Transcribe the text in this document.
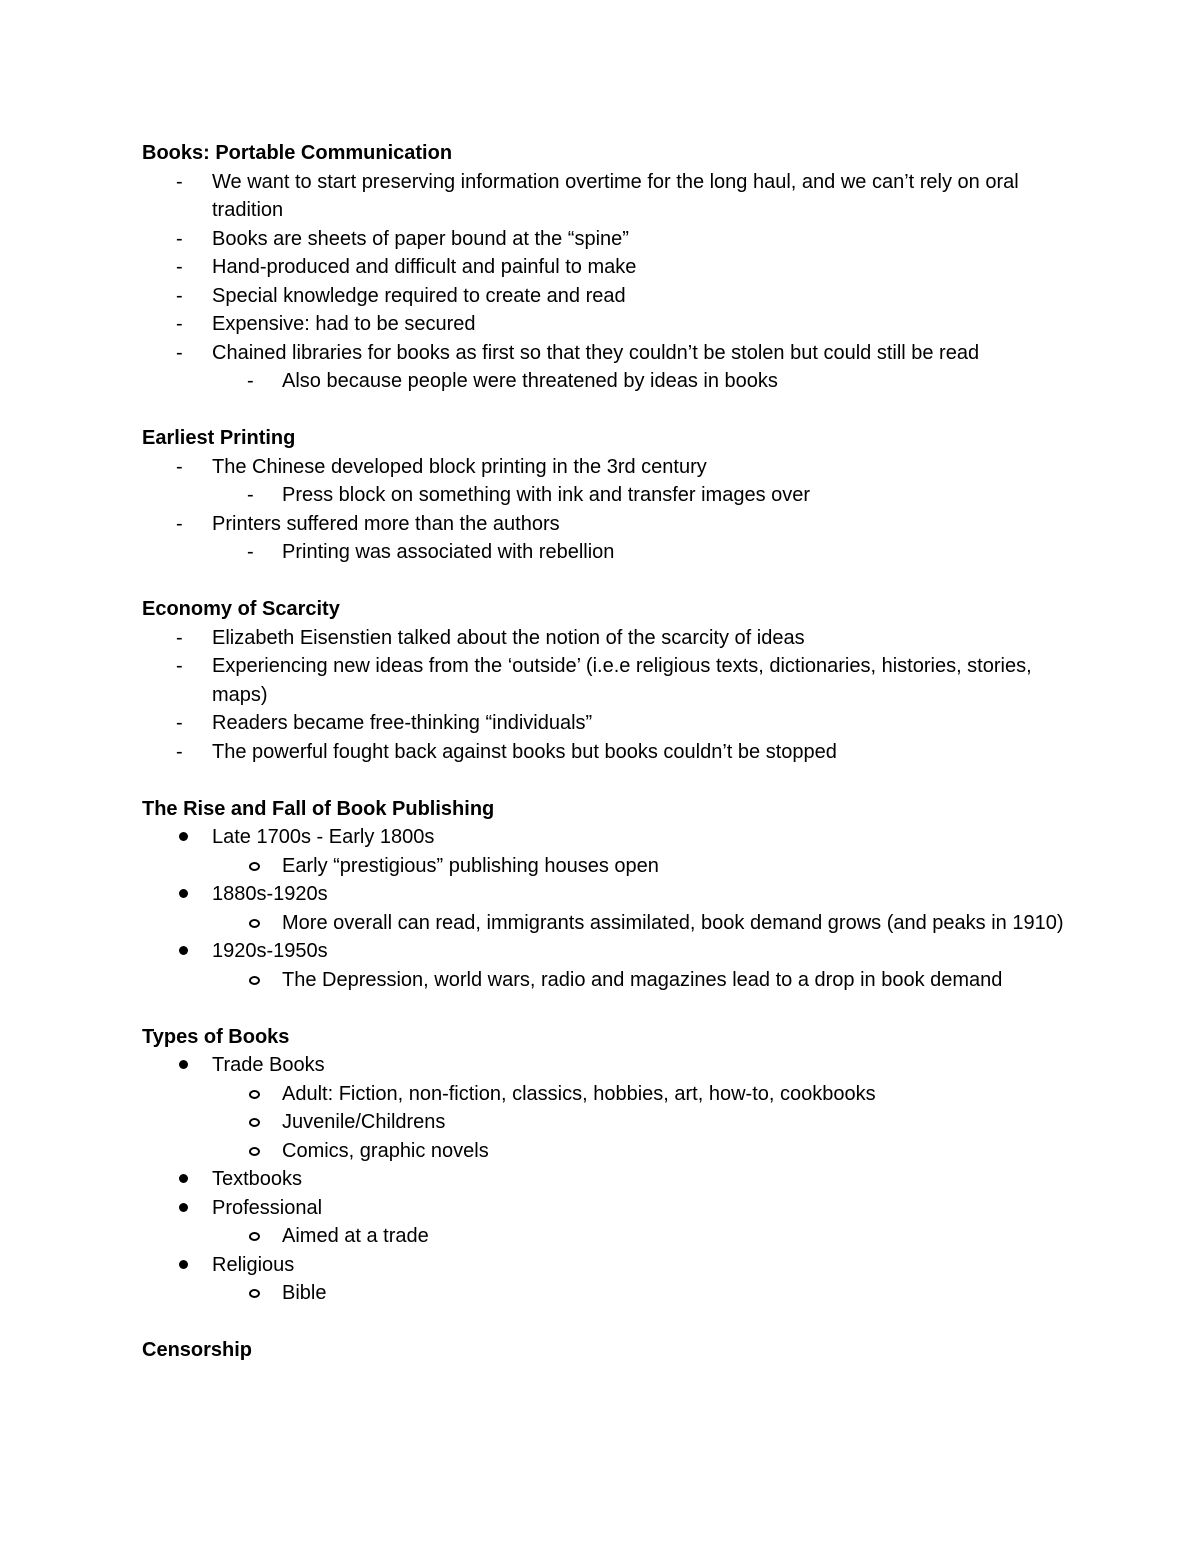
Books: Portable Communication
-	We want to start preserving information overtime for the long haul, and we can’t rely on oral tradition
-	Books are sheets of paper bound at the “spine”
-	Hand-produced and difficult and painful to make
-	Special knowledge required to create and read
-	Expensive: had to be secured
-	Chained libraries for books as first so that they couldn’t be stolen but could still be read
-	Also because people were threatened by ideas in books
Earliest Printing
-	The Chinese developed block printing in the 3rd century
-	Press block on something with ink and transfer images over
-	Printers suffered more than the authors
-	Printing was associated with rebellion
Economy of Scarcity
-	Elizabeth Eisenstien talked about the notion of the scarcity of ideas
-	Experiencing new ideas from the ‘outside’ (i.e.e religious texts, dictionaries, histories, stories, maps)
-	Readers became free-thinking “individuals”
-	The powerful fought back against books but books couldn’t be stopped
The Rise and Fall of Book Publishing
Late 1700s - Early 1800s
Early “prestigious” publishing houses open
1880s-1920s
More overall can read, immigrants assimilated, book demand grows (and peaks in 1910)
1920s-1950s
The Depression, world wars, radio and magazines lead to a drop in book demand
Types of Books
Trade Books
Adult: Fiction, non-fiction, classics, hobbies, art, how-to, cookbooks
Juvenile/Childrens
Comics, graphic novels
Textbooks
Professional
Aimed at a trade
Religious
Bible
Censorship
